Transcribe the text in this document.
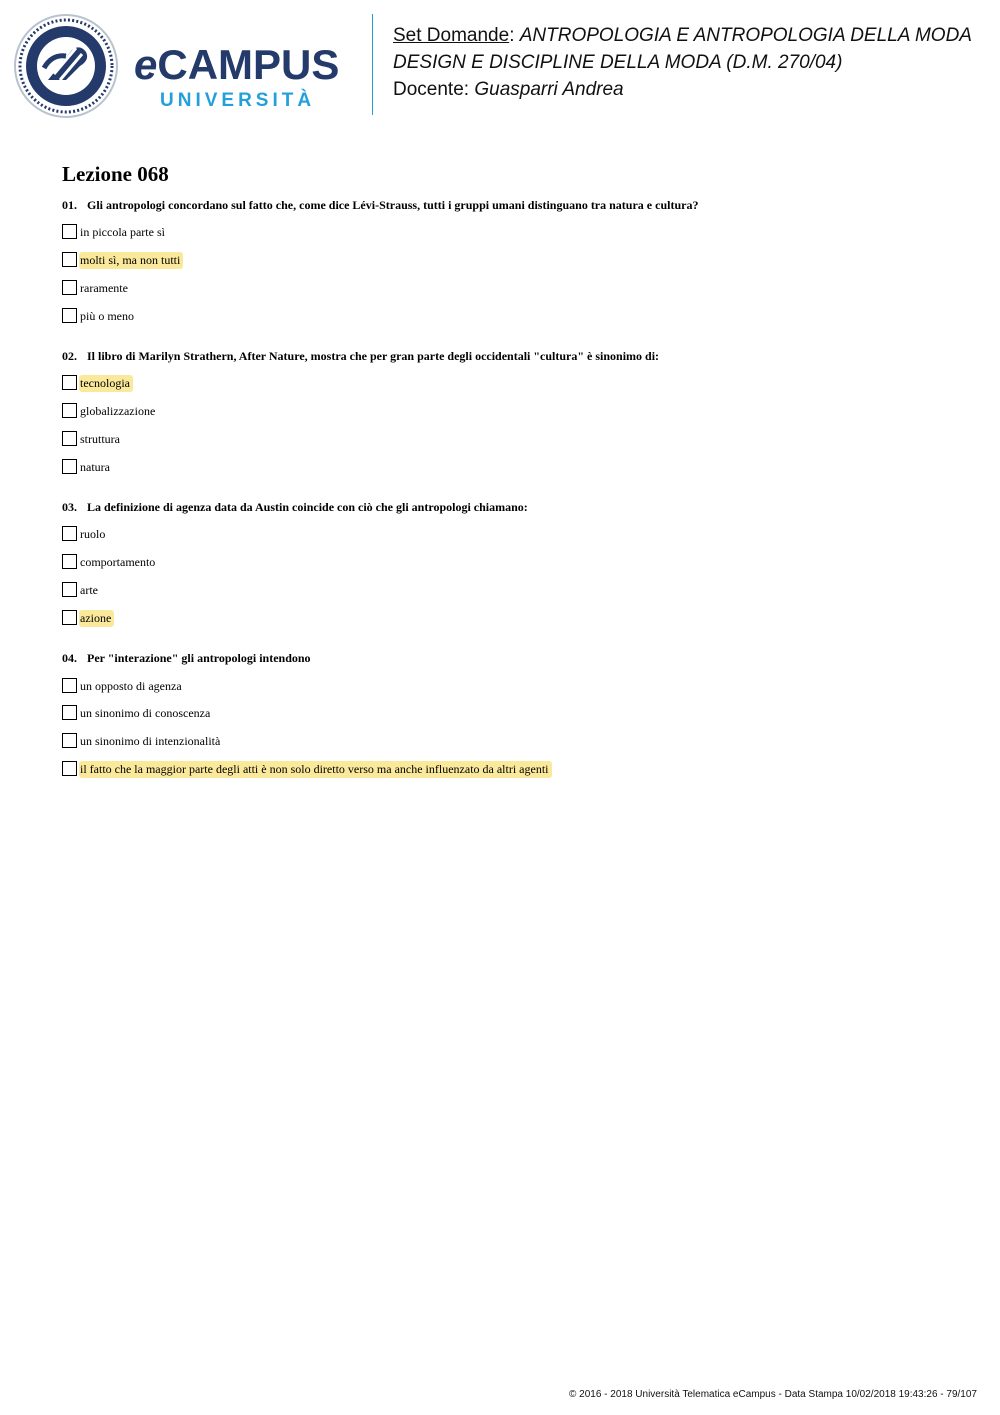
eCAMPUS
UNIVERSITÀ
Set Domande: ANTROPOLOGIA E ANTROPOLOGIA DELLA MODA
DESIGN E DISCIPLINE DELLA MODA (D.M. 270/04)
Docente: Guasparri Andrea
Lezione 068
01. Gli antropologi concordano sul fatto che, come dice Lévi-Strauss, tutti i gruppi umani distinguano tra natura e cultura?
in piccola parte sì
molti sì, ma non tutti
raramente
più o meno
02. Il libro di Marilyn Strathern, After Nature, mostra che per gran parte degli occidentali "cultura" è sinonimo di:
tecnologia
globalizzazione
struttura
natura
03. La definizione di agenza data da Austin coincide con ciò che gli antropologi chiamano:
ruolo
comportamento
arte
azione
04. Per "interazione" gli antropologi intendono
un opposto di agenza
un sinonimo di conoscenza
un sinonimo di intenzionalità
il fatto che la maggior parte degli atti è non solo diretto verso ma anche influenzato da altri agenti
© 2016 - 2018 Università Telematica eCampus - Data Stampa 10/02/2018 19:43:26 - 79/107
